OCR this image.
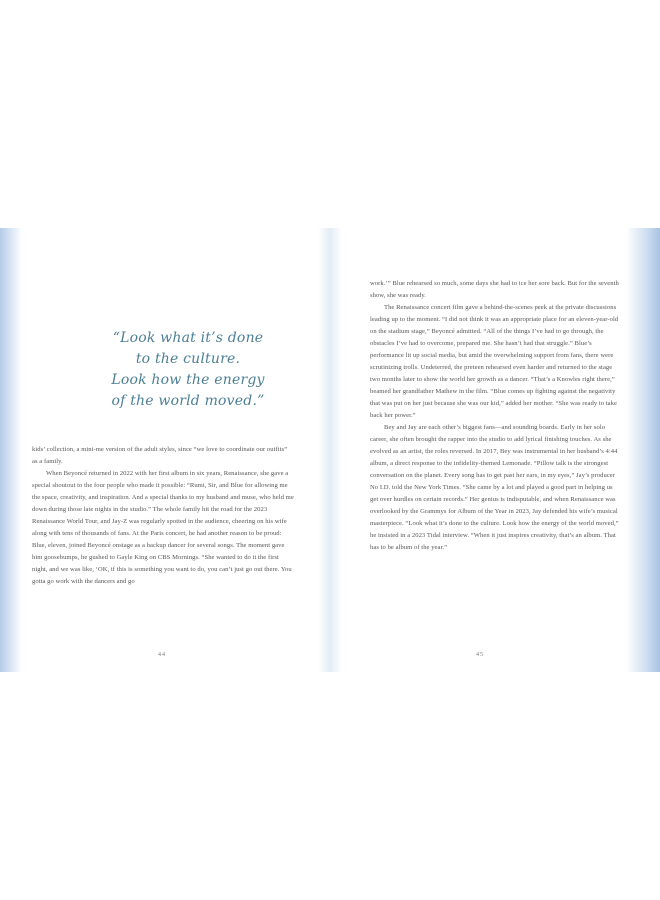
“Look what it’s done
to the culture.
Look how the energy
of the world moved.”

kids’ collection, a mini-me version of the adult styles, since “we love to coordinate our outfits” as a family.

When Beyoncé returned in 2022 with her first album in six years, Renaissance, she gave a special shoutout to the four people who made it possible: “Rumi, Sir, and Blue for allowing me the space, creativity, and inspiration. And a special thanks to my husband and muse, who held me down during those late nights in the studio.” The whole family hit the road for the 2023 Renaissance World Tour, and Jay-Z was regularly spotted in the audience, cheering on his wife along with tens of thousands of fans. At the Paris concert, he had another reason to be proud: Blue, eleven, joined Beyoncé onstage as a backup dancer for several songs. The moment gave him goosebumps, he gushed to Gayle King on CBS Mornings. “She wanted to do it the first night, and we was like, ‘OK, if this is something you want to do, you can’t just go out there. You gotta go work with the dancers and go

work.’” Blue rehearsed so much, some days she had to ice her sore back. But for the seventh show, she was ready.

The Renaissance concert film gave a behind-the-scenes peek at the private discussions leading up to the moment. “I did not think it was an appropriate place for an eleven-year-old on the stadium stage,” Beyoncé admitted. “All of the things I’ve had to go through, the obstacles I’ve had to overcome, prepared me. She hasn’t had that struggle.” Blue’s performance lit up social media, but amid the overwhelming support from fans, there were scrutinizing trolls. Undeterred, the preteen rehearsed even harder and returned to the stage two months later to show the world her growth as a dancer. “That’s a Knowles right there,” beamed her grandfather Mathew in the film. “Blue comes up fighting against the negativity that was put on her just because she was our kid,” added her mother. “She was ready to take back her power.”

Bey and Jay are each other’s biggest fans—and sounding boards. Early in her solo career, she often brought the rapper into the studio to add lyrical finishing touches. As she evolved as an artist, the roles reversed. In 2017, Bey was instrumental in her husband’s 4:44 album, a direct response to the infidelity-themed Lemonade. “Pillow talk is the strongest conversation on the planet. Every song has to get past her ears, in my eyes,” Jay’s producer No I.D. told the New York Times. “She came by a lot and played a good part in helping us get over hurdles on certain records.” Her genius is indisputable, and when Renaissance was overlooked by the Grammys for Album of the Year in 2023, Jay defended his wife’s musical masterpiece. “Look what it’s done to the culture. Look how the energy of the world moved,” he insisted in a 2023 Tidal interview. “When it just inspires creativity, that’s an album. That has to be album of the year.”

44	45
